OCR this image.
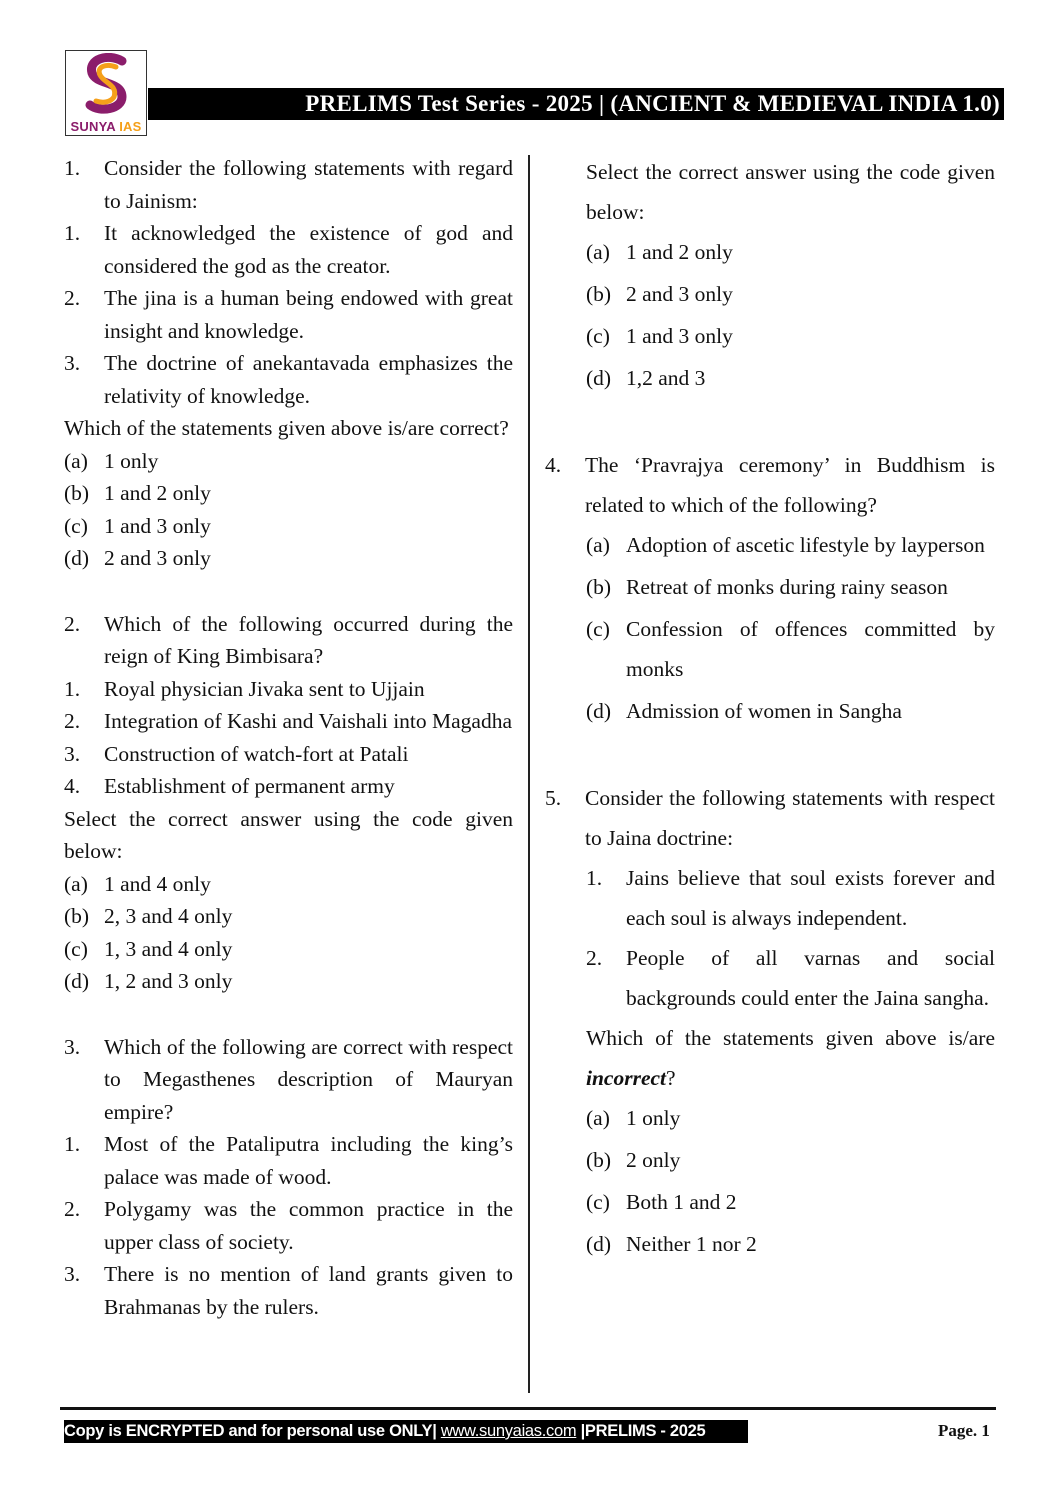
SUNYA IAS
PRELIMS Test Series - 2025 | (ANCIENT & MEDIEVAL INDIA 1.0)
1.	Consider the following statements with regard to Jainism:
1.	It acknowledged the existence of god and considered the god as the creator.
2.	The jina is a human being endowed with great insight and knowledge.
3.	The doctrine of anekantavada emphasizes the relativity of knowledge.
Which of the statements given above is/are correct?
(a) 1 only
(b) 1 and 2 only
(c) 1 and 3 only
(d) 2 and 3 only
2.	Which of the following occurred during the reign of King Bimbisara?
1.	Royal physician Jivaka sent to Ujjain
2.	Integration of Kashi and Vaishali into Magadha
3.	Construction of watch-fort at Patali
4.	Establishment of permanent army
Select the correct answer using the code given below:
(a) 1 and 4 only
(b) 2, 3 and 4 only
(c) 1, 3 and 4 only
(d) 1, 2 and 3 only
3.	Which of the following are correct with respect to Megasthenes description of Mauryan empire?
1.	Most of the Pataliputra including the king’s palace was made of wood.
2.	Polygamy was the common practice in the upper class of society.
3.	There is no mention of land grants given to Brahmanas by the rulers.
Select the correct answer using the code given below:
(a) 1 and 2 only
(b) 2 and 3 only
(c) 1 and 3 only
(d) 1,2 and 3
4.	The ‘Pravrajya ceremony’ in Buddhism is related to which of the following?
(a) Adoption of ascetic lifestyle by layperson
(b) Retreat of monks during rainy season
(c) Confession of offences committed by monks
(d) Admission of women in Sangha
5.	Consider the following statements with respect to Jaina doctrine:
1.	Jains believe that soul exists forever and each soul is always independent.
2.	People of all varnas and social backgrounds could enter the Jaina sangha.
Which of the statements given above is/are incorrect?
(a) 1 only
(b) 2 only
(c) Both 1 and 2
(d) Neither 1 nor 2
Copy is ENCRYPTED and for personal use ONLY| www.sunyaias.com |PRELIMS - 2025	Page. 1
